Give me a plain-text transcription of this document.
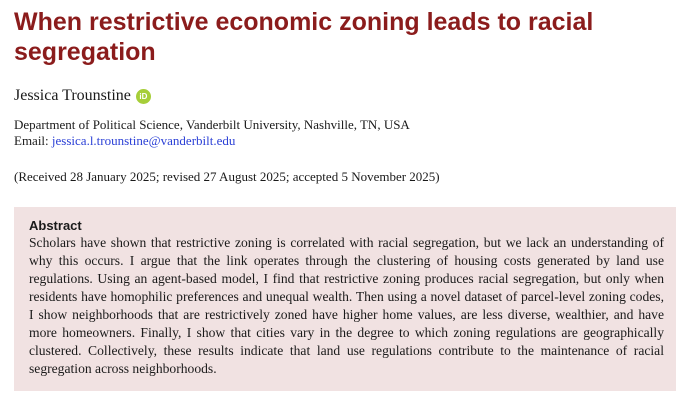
When restrictive economic zoning leads to racial segregation
Jessica Trounstine	iD
Department of Political Science, Vanderbilt University, Nashville, TN, USA
Email: jessica.l.trounstine@vanderbilt.edu
(Received 28 January 2025; revised 27 August 2025; accepted 5 November 2025)
Abstract

Scholars have shown that restrictive zoning is correlated with racial segregation, but we lack an understanding of why this occurs. I argue that the link operates through the clustering of housing costs generated by land use regulations. Using an agent-based model, I find that restrictive zoning produces racial segregation, but only when residents have homophilic preferences and unequal wealth. Then using a novel dataset of parcel-level zoning codes, I show neighborhoods that are restrictively zoned have higher home values, are less diverse, wealthier, and have more homeowners. Finally, I show that cities vary in the degree to which zoning regulations are geographically clustered. Collectively, these results indicate that land use regulations contribute to the maintenance of racial segregation across neighborhoods.
